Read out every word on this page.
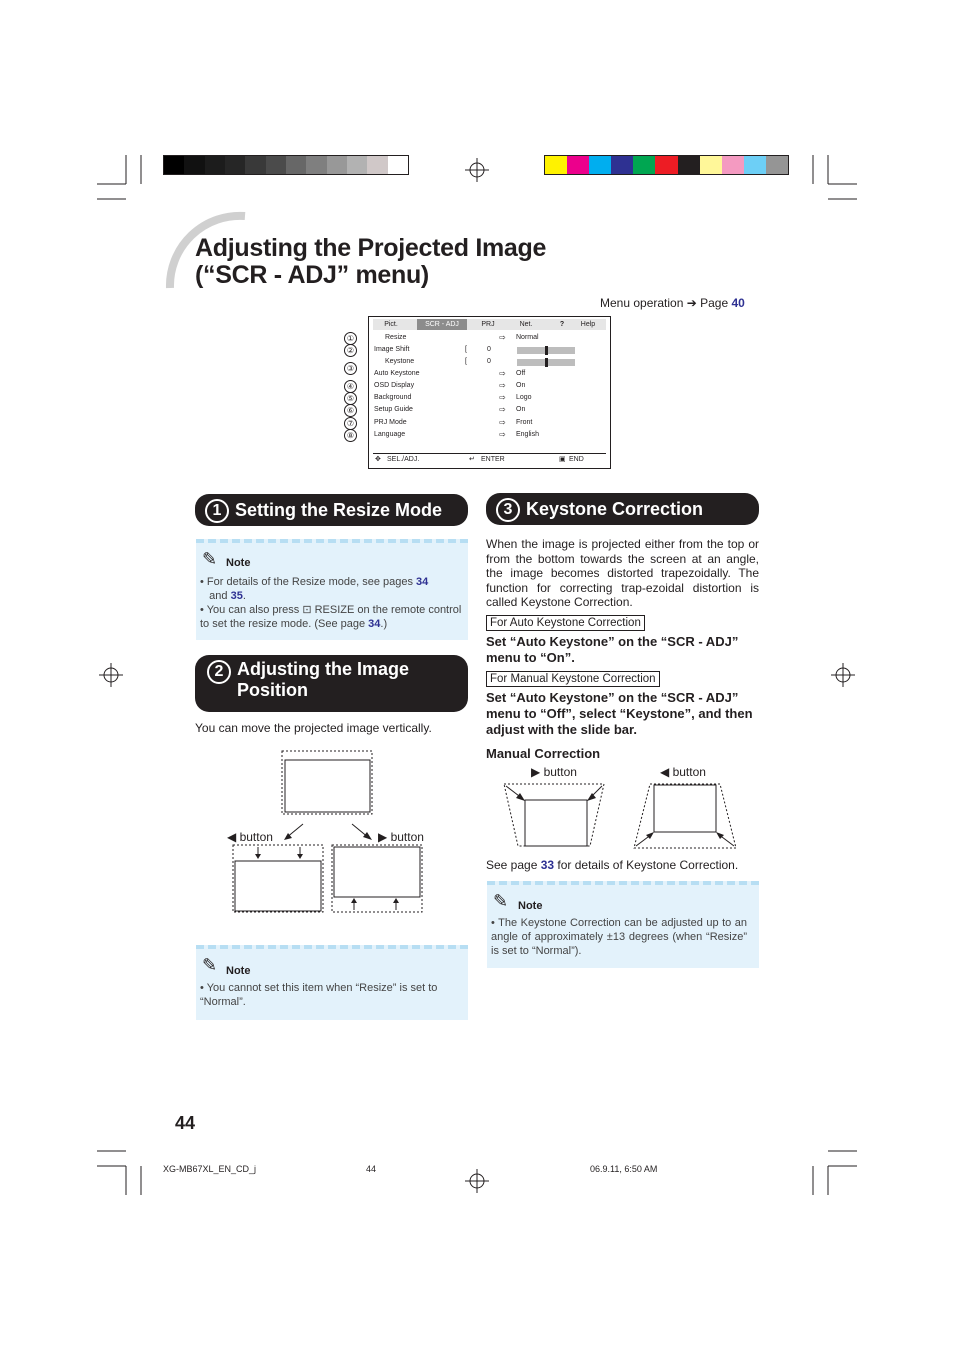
Adjusting the Projected Image
(“SCR - ADJ” menu)
Menu operation ➔ Page 40
Pict.	SCR - ADJ	PRJ	Net.	?	Help
Resize	⇨ Normal
Image Shift	[	0
Keystone	[	0
Auto Keystone	⇨ Off
OSD Display	⇨ On
Background	⇨ Logo
Setup Guide	⇨ On
PRJ Mode	⇨ Front
Language	⇨ English
✥ SEL./ADJ.	↵ ENTER	▣ END
①
②
③
④
⑤
⑥
⑦
⑧
1 Setting the Resize Mode
✎ Note
• For details of the Resize mode, see pages 34
and 35.
• You can also press ⊡ RESIZE on the remote control to set the resize mode. (See page 34.)
2 Adjusting the Image
Position
You can move the projected image vertically.
◀ button	▶ button
✎ Note
• You cannot set this item when “Resize” is set to “Normal”.
3 Keystone Correction
When the image is projected either from the top or from the bottom towards the screen at an angle, the image becomes distorted trapezoidally. The function for correcting trap-ezoidal distortion is called Keystone Correction.
For Auto Keystone Correction
Set “Auto Keystone” on the “SCR - ADJ” menu to “On”.
For Manual Keystone Correction
Set “Auto Keystone” on the “SCR - ADJ” menu to “Off”, select “Keystone”, and then adjust with the slide bar.
Manual Correction
▶ button	◀ button
See page 33 for details of Keystone Correction.
✎ Note
• The Keystone Correction can be adjusted up to an angle of approximately ±13 degrees (when “Resize” is set to “Normal”).
44
XG-MB67XL_EN_CD_j	44	06.9.11, 6:50 AM
